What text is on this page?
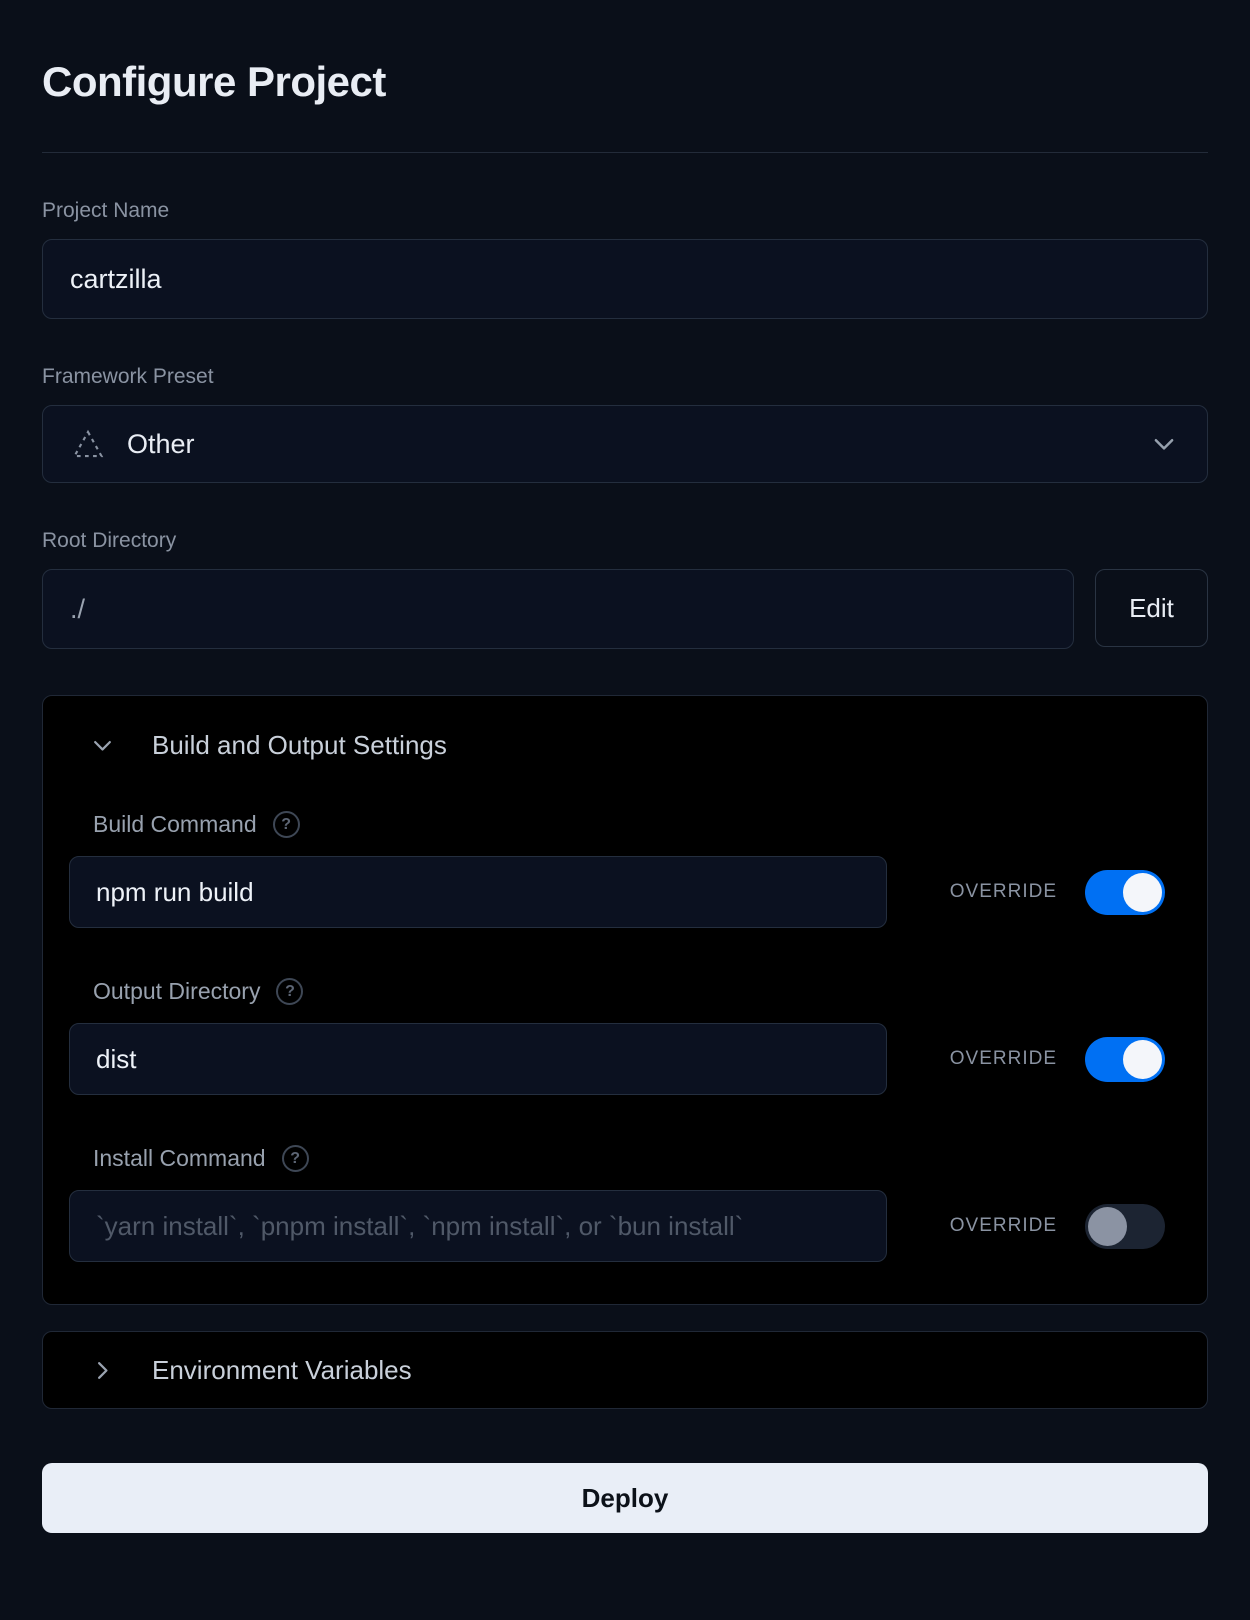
Configure Project
Project Name
cartzilla
Framework Preset
Other
Root Directory
./
Edit
Build and Output Settings
Build Command	?
npm run build
OVERRIDE
Output Directory	?
dist
OVERRIDE
Install Command	?
`yarn install`, `pnpm install`, `npm install`, or `bun install`
OVERRIDE
Environment Variables
Deploy
